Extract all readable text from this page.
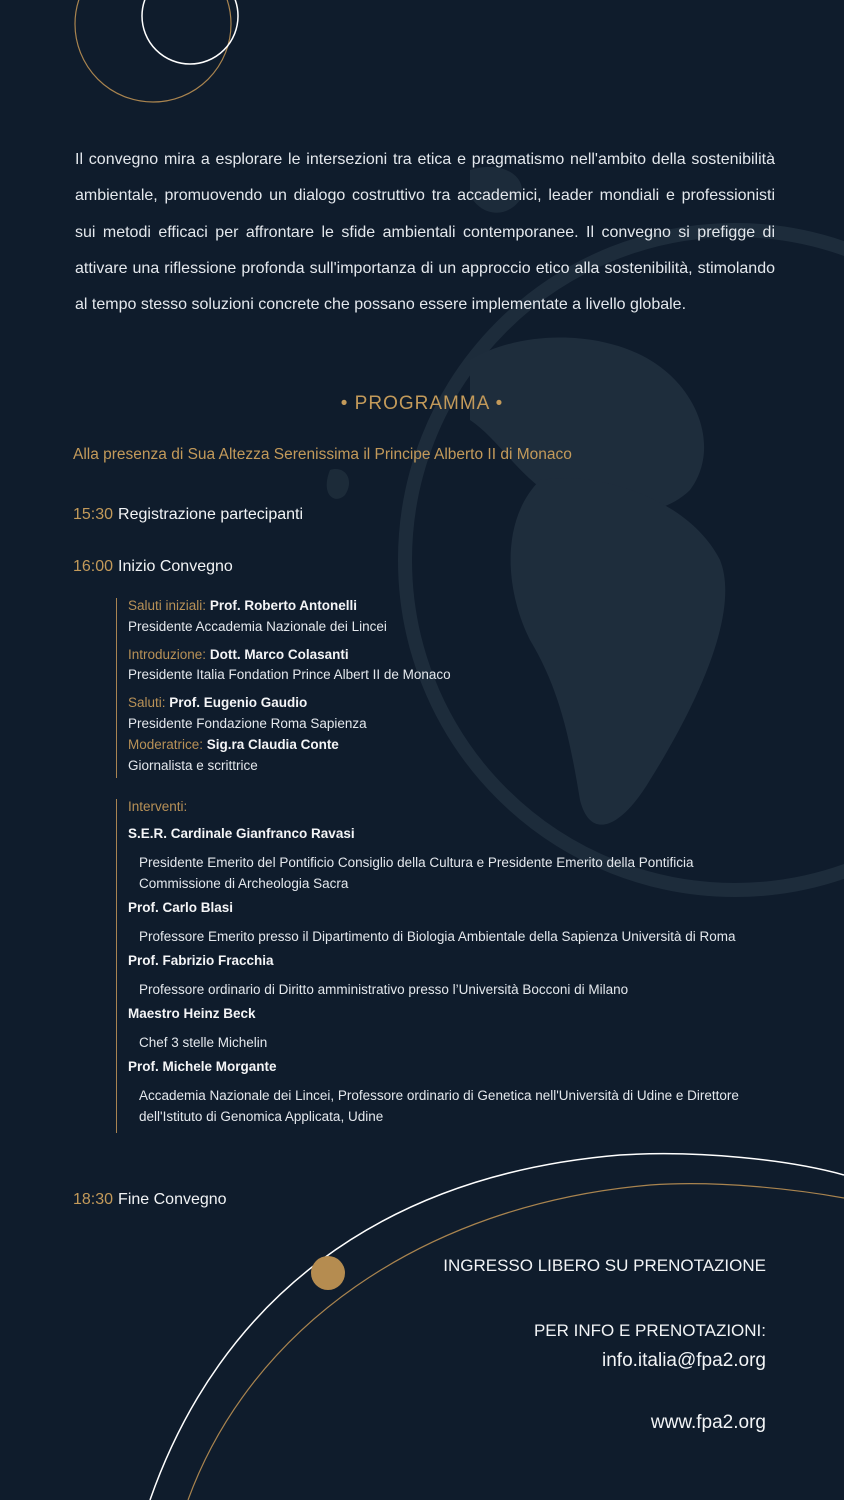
Il convegno mira a esplorare le intersezioni tra etica e pragmatismo nell'ambito della sostenibilità ambientale, promuovendo un dialogo costruttivo tra accademici, leader mondiali e professionisti sui metodi efficaci per affrontare le sfide ambientali contemporanee. Il convegno si prefigge di attivare una riflessione profonda sull'importanza di un approccio etico alla sostenibilità, stimolando al tempo stesso soluzioni concrete che possano essere implementate a livello globale.
• PROGRAMMA •
Alla presenza di Sua Altezza Serenissima il Principe Alberto II di Monaco
15:30 Registrazione partecipanti
16:00 Inizio Convegno
Saluti iniziali: Prof. Roberto Antonelli
Presidente Accademia Nazionale dei Lincei
Introduzione: Dott. Marco Colasanti
Presidente Italia Fondation Prince Albert II de Monaco
Saluti: Prof. Eugenio Gaudio
Presidente Fondazione Roma Sapienza
Moderatrice: Sig.ra Claudia Conte
Giornalista e scrittrice
Interventi:
S.E.R. Cardinale Gianfranco Ravasi
Presidente Emerito del Pontificio Consiglio della Cultura e Presidente Emerito della Pontificia Commissione di Archeologia Sacra
Prof. Carlo Blasi
Professore Emerito presso il Dipartimento di Biologia Ambientale della Sapienza Università di Roma
Prof. Fabrizio Fracchia
Professore ordinario di Diritto amministrativo presso l’Università Bocconi di Milano
Maestro Heinz Beck
Chef 3 stelle Michelin
Prof. Michele Morgante
Accademia Nazionale dei Lincei, Professore ordinario di Genetica nell'Università di Udine e Direttore dell'Istituto di Genomica Applicata, Udine
18:30 Fine Convegno
INGRESSO LIBERO SU PRENOTAZIONE
PER INFO E PRENOTAZIONI:
info.italia@fpa2.org
www.fpa2.org
